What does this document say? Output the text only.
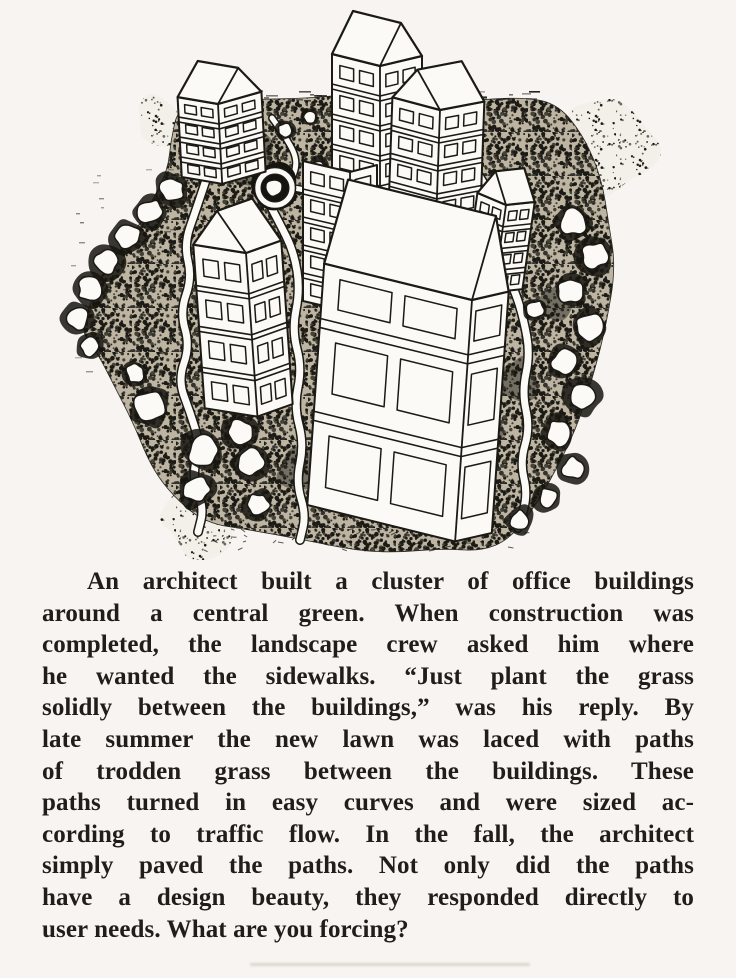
An architect built a cluster of office buildings
around a central green. When construction was
completed, the landscape crew asked him where
he wanted the sidewalks. “Just plant the grass
solidly between the buildings,” was his reply. By
late summer the new lawn was laced with paths
of trodden grass between the buildings. These
paths turned in easy curves and were sized ac-
cording to traffic flow. In the fall, the architect
simply paved the paths. Not only did the paths
have a design beauty, they responded directly to
user needs. What are you forcing?
